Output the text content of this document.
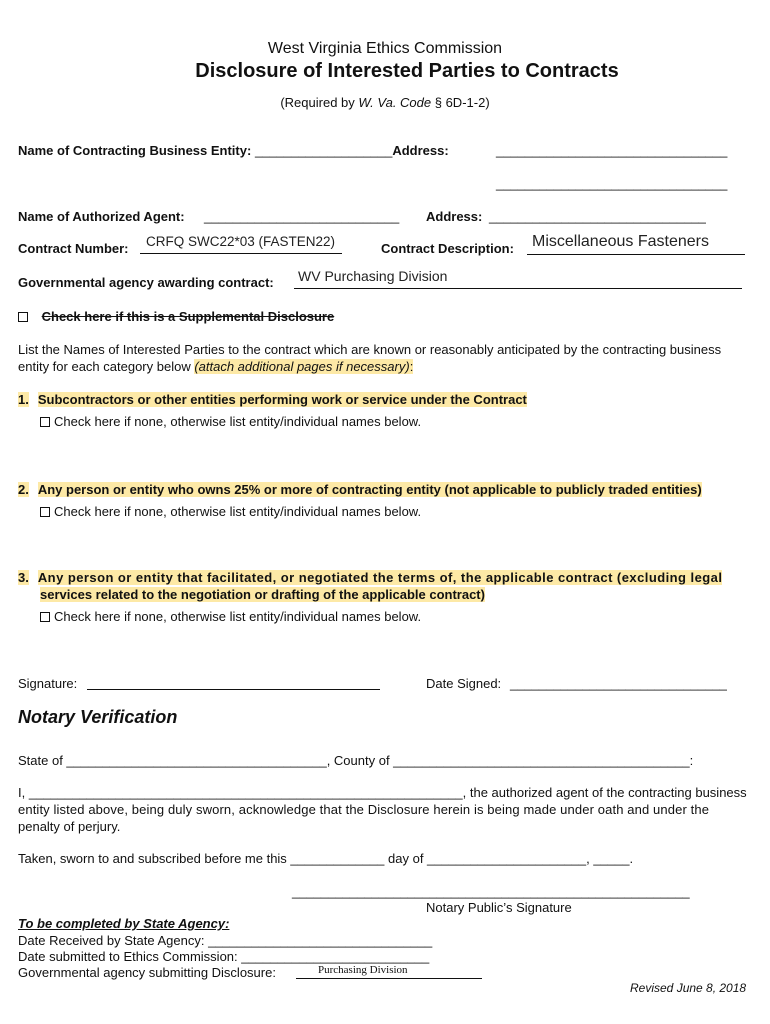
West Virginia Ethics Commission
Disclosure of Interested Parties to Contracts
(Required by W. Va. Code § 6D-1-2)
Name of Contracting Business Entity: ___________________Address:	________________________________
________________________________
Name of Authorized Agent: ___________________________ Address: ______________________________
Contract Number: CRFQ SWC22*03 (FASTEN22)	Contract Description: Miscellaneous Fasteners
Governmental agency awarding contract: WV Purchasing Division
Check here if this is a Supplemental Disclosure
List the Names of Interested Parties to the contract which are known or reasonably anticipated by the contracting business
entity for each category below (attach additional pages if necessary):
1. Subcontractors or other entities performing work or service under the Contract
Check here if none, otherwise list entity/individual names below.
2. Any person or entity who owns 25% or more of contracting entity (not applicable to publicly traded entities)
Check here if none, otherwise list entity/individual names below.
3. Any person or entity that facilitated, or negotiated the terms of, the applicable contract (excluding legal
services related to the negotiation or drafting of the applicable contract)
Check here if none, otherwise list entity/individual names below.
Signature:	Date Signed: ______________________________
Notary Verification
State of ____________________________________, County of _________________________________________:
I, ____________________________________________________________, the authorized agent of the contracting business
entity listed above, being duly sworn, acknowledge that the Disclosure herein is being made under oath and under the
penalty of perjury.
Taken, sworn to and subscribed before me this _____________ day of ______________________, _____.
_______________________________________________________
Notary Public’s Signature
To be completed by State Agency:
Date Received by State Agency: _______________________________
Date submitted to Ethics Commission: __________________________
Governmental agency submitting Disclosure:	Purchasing Division
Revised June 8, 2018
